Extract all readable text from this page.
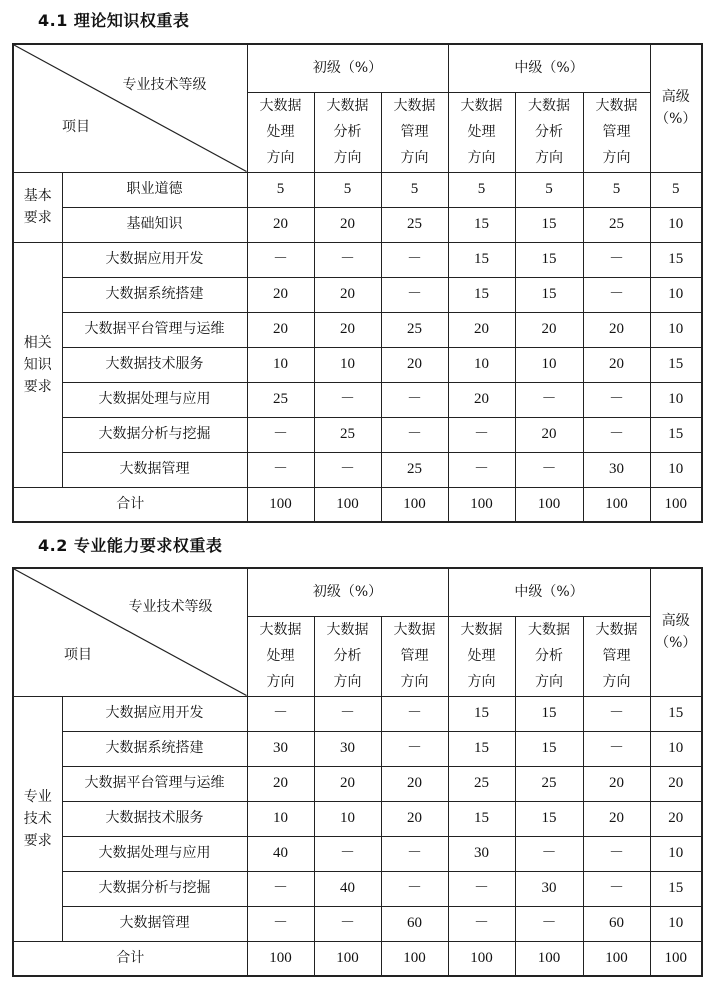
4.1 理论知识权重表
专业技术等级
项目
	初级（%）	中级（%）	
高级
（%）

大数据
处理
方向

大数据
分析
方向

大数据
管理
方向

大数据
处理
方向

大数据
分析
方向

大数据
管理
方向

基本
要求	职业道德	5	5	5	5	5	5	5
	基础知识	20	20	25	15	15	25	10

相关
知识
要求	大数据应用开发	－	－	－	15	15	－	15
	大数据系统搭建	20	20	－	15	15	－	10
	大数据平台管理与运维	20	20	25	20	20	20	10
	大数据技术服务	10	10	20	10	10	20	15
	大数据处理与应用	25	－	－	20	－	－	10
	大数据分析与挖掘	－	25	－	－	20	－	15
	大数据管理	－	－	25	－	－	30	10
合计		100	100	100	100	100	100	100
4.2 专业能力要求权重表
专业技术等级
项目
	初级（%）	中级（%）	
高级
（%）

大数据
处理
方向

大数据
分析
方向

大数据
管理
方向

大数据
处理
方向

大数据
分析
方向

大数据
管理
方向

专业
技术
要求	大数据应用开发	－	－	－	15	15	－	15
	大数据系统搭建	30	30	－	15	15	－	10
	大数据平台管理与运维	20	20	20	25	25	20	20
	大数据技术服务	10	10	20	15	15	20	20
	大数据处理与应用	40	－	－	30	－	－	10
	大数据分析与挖掘	－	40	－	－	30	－	15
	大数据管理	－	－	60	－	－	60	10
合计		100	100	100	100	100	100	100
